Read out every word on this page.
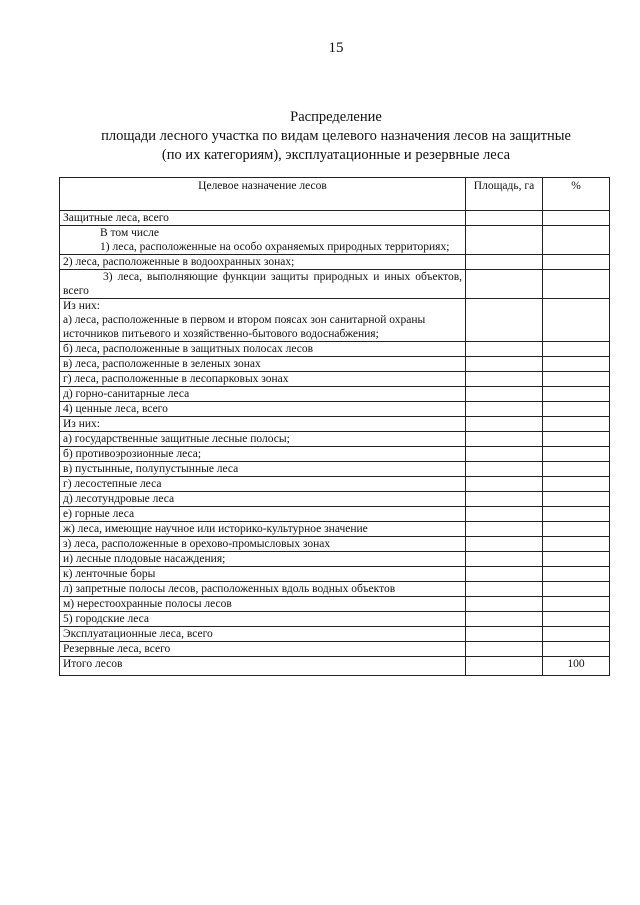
15
Распределение
площади лесного участка по видам целевого назначения лесов на защитные
(по их категориям), эксплуатационные и резервные леса
Целевое назначение лесов	Площадь, га	%
Защитные леса, всего		

В том числе
1) леса, расположенные на особо охраняемых природных территориях;		

2) леса, расположенные в водоохранных зонах;		
3) леса, выполняющие функции защиты природных и иных объектов, всего		

Из них:
а) леса, расположенные в первом и втором поясах зон санитарной охраны источников питьевого и хозяйственно-бытового водоснабжения;		

б) леса, расположенные в защитных полосах лесов		
в) леса, расположенные в зеленых зонах		
г) леса, расположенные в лесопарковых зонах		
д) горно-санитарные леса		
4) ценные леса, всего		
Из них:		
а) государственные защитные лесные полосы;		
б) противоэрозионные леса;		
в) пустынные, полупустынные леса		
г) лесостепные леса		
д) лесотундровые леса		
е) горные леса		
ж) леса, имеющие научное или историко-культурное значение		
з) леса, расположенные в орехово-промысловых зонах		
и) лесные плодовые насаждения;		
к) ленточные боры		
л) запретные полосы лесов, расположенных вдоль водных объектов		
м) нерестоохранные полосы лесов		
5) городские леса		
Эксплуатационные леса, всего		
Резервные леса, всего		
Итого лесов		100
